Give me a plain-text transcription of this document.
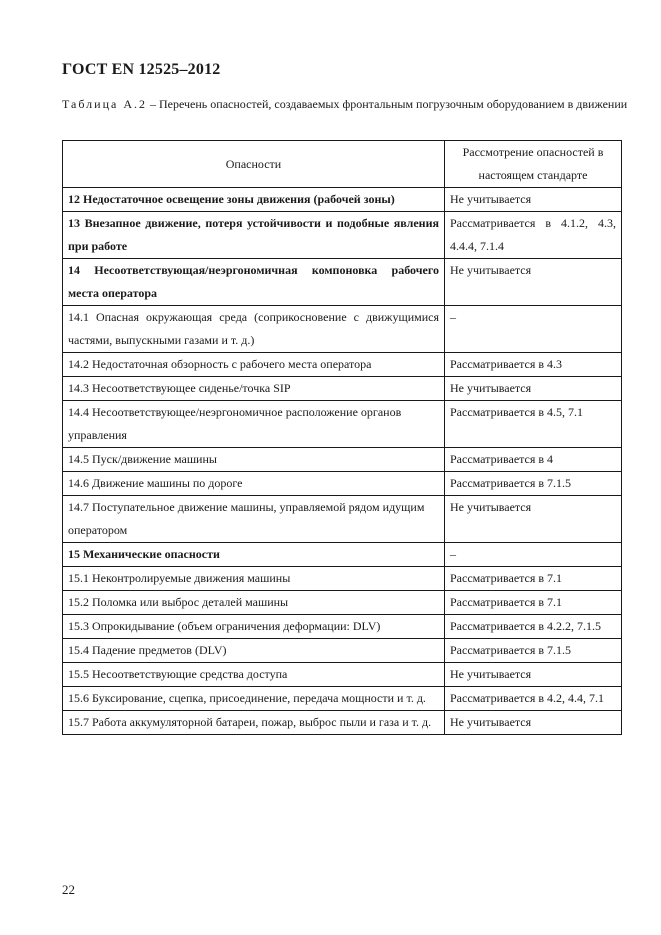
ГОСТ EN 12525–2012
Таблица А.2 – Перечень опасностей, создаваемых фронтальным погрузочным оборудованием в движении
Опасности	Рассмотрение опасностей в настоящем стандарте
12 Недостаточное освещение зоны движения (рабочей зоны)	Не учитывается
13 Внезапное движение, потеря устойчивости и подобные явления при работе	Рассматривается в 4.1.2, 4.3, 4.4.4, 7.1.4
14 Несоответствующая/неэргономичная компоновка рабочего места оператора	Не учитывается
14.1 Опасная окружающая среда (соприкосновение с движущимися частями, выпускными газами и т. д.)	–
14.2 Недостаточная обзорность с рабочего места оператора	Рассматривается в 4.3
14.3 Несоответствующее сиденье/точка SIP	Не учитывается
14.4 Несоответствующее/неэргономичное расположение органов управления	Рассматривается в 4.5, 7.1
14.5 Пуск/движение машины	Рассматривается в 4
14.6 Движение машины по дороге	Рассматривается в 7.1.5
14.7 Поступательное движение машины, управляемой рядом идущим оператором	Не учитывается
15 Механические опасности	–
15.1 Неконтролируемые движения машины	Рассматривается в 7.1
15.2 Поломка или выброс деталей машины	Рассматривается в 7.1
15.3 Опрокидывание (объем ограничения деформации: DLV)	Рассматривается в 4.2.2, 7.1.5
15.4 Падение предметов (DLV)	Рассматривается в 7.1.5
15.5 Несоответствующие средства доступа	Не учитывается
15.6 Буксирование, сцепка, присоединение, передача мощности и т. д.	Рассматривается в 4.2, 4.4, 7.1
15.7 Работа аккумуляторной батареи, пожар, выброс пыли и газа и т. д.	Не учитывается
22
